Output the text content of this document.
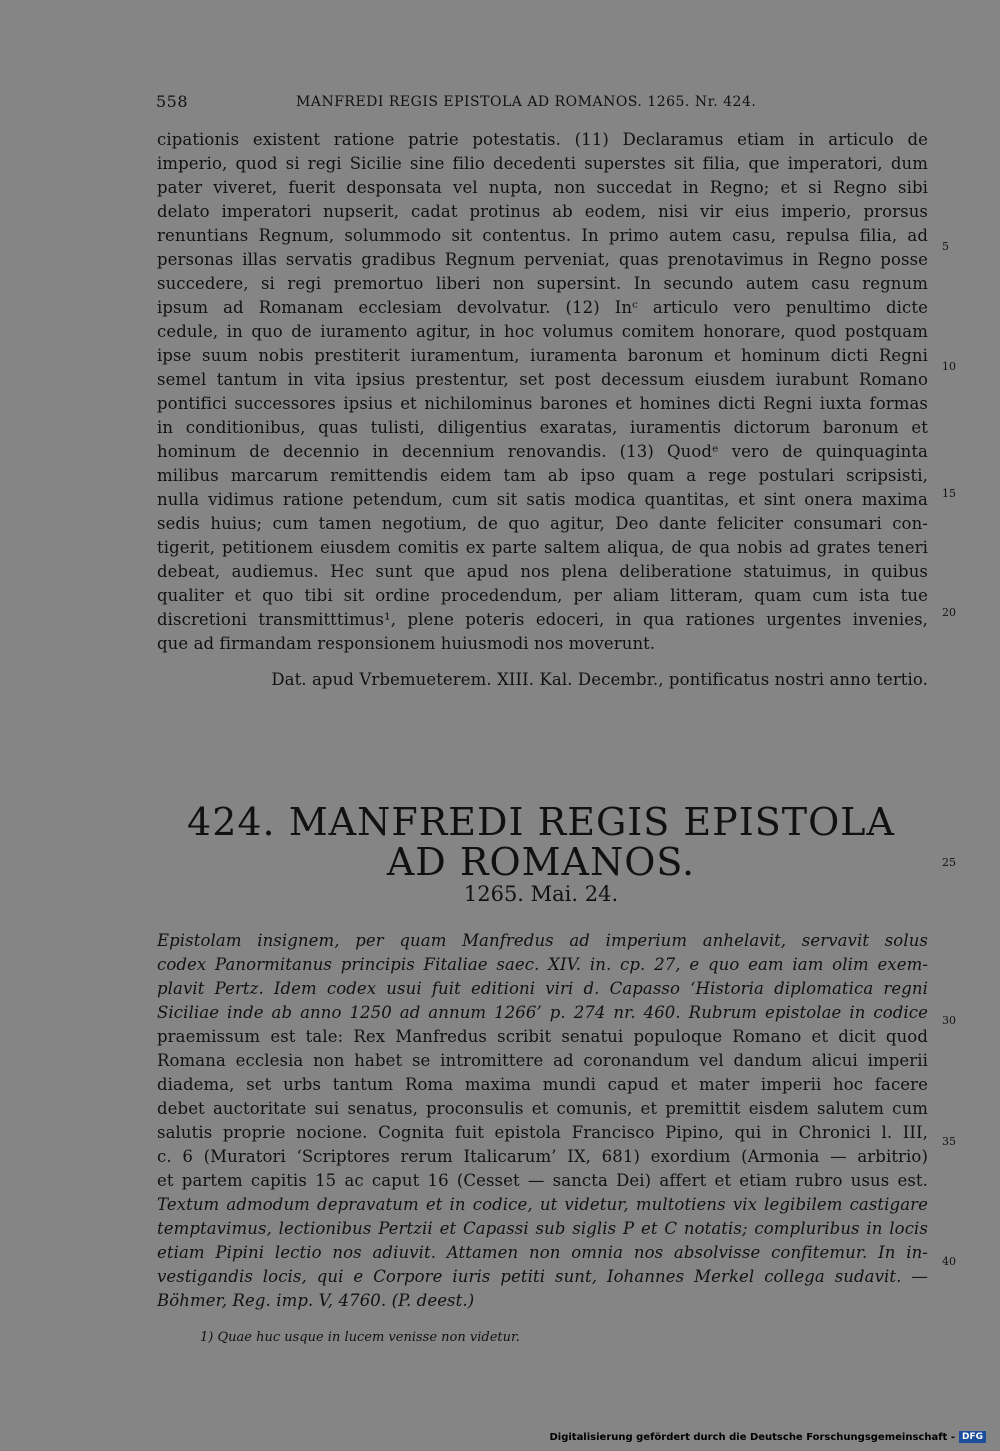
558	MANFREDI REGIS EPISTOLA AD ROMANOS. 1265. Nr. 424.
cipationis existent ratione patrie potestatis. (11) Declaramus etiam in articulo de
imperio, quod si regi Sicilie sine filio decedenti superstes sit filia, que imperatori, dum
pater viveret, fuerit desponsata vel nupta, non succedat in Regno; et si Regno sibi
delato imperatori nupserit, cadat protinus ab eodem, nisi vir eius imperio, prorsus
renuntians Regnum, solummodo sit contentus. In primo autem casu, repulsa filia, ad
personas illas servatis gradibus Regnum perveniat, quas prenotavimus in Regno posse
succedere, si regi premortuo liberi non supersint. In secundo autem casu regnum
ipsum ad Romanam ecclesiam devolvatur. (12) Inᶜ articulo vero penultimo dicte
cedule, in quo de iuramento agitur, in hoc volumus comitem honorare, quod postquam
ipse suum nobis prestiterit iuramentum, iuramenta baronum et hominum dicti Regni
semel tantum in vita ipsius prestentur, set post decessum eiusdem iurabunt Romano
pontifici successores ipsius et nichilominus barones et homines dicti Regni iuxta formas
in conditionibus, quas tulisti, diligentius exaratas, iuramentis dictorum baronum et
hominum de decennio in decennium renovandis. (13) Quodᵉ vero de quinquaginta
milibus marcarum remittendis eidem tam ab ipso quam a rege postulari scripsisti,
nulla vidimus ratione petendum, cum sit satis modica quantitas, et sint onera maxima
sedis huius; cum tamen negotium, de quo agitur, Deo dante feliciter consumari con-
tigerit, petitionem eiusdem comitis ex parte saltem aliqua, de qua nobis ad grates teneri
debeat, audiemus. Hec sunt que apud nos plena deliberatione statuimus, in quibus
qualiter et quo tibi sit ordine procedendum, per aliam litteram, quam cum ista tue
discretioni transmitttimus¹, plene poteris edoceri, in qua rationes urgentes invenies,
que ad firmandam responsionem huiusmodi nos moverunt.
Dat. apud Vrbemueterem. XIII. Kal. Decembr., pontificatus nostri anno tertio.
424. MANFREDI REGIS EPISTOLA
AD ROMANOS.
1265. Mai. 24.
Epistolam insignem, per quam Manfredus ad imperium anhelavit, servavit solus
codex Panormitanus principis Fitaliae saec. XIV. in. cp. 27, e quo eam iam olim exem-
plavit Pertz. Idem codex usui fuit editioni viri d. Capasso ‘Historia diplomatica regni
Siciliae inde ab anno 1250 ad annum 1266’ p. 274 nr. 460. Rubrum epistolae in codice
praemissum est tale: Rex Manfredus scribit senatui populoque Romano et dicit quod
Romana ecclesia non habet se intromittere ad coronandum vel dandum alicui imperii
diadema, set urbs tantum Roma maxima mundi capud et mater imperii hoc facere
debet auctoritate sui senatus, proconsulis et comunis, et premittit eisdem salutem cum
salutis proprie nocione. Cognita fuit epistola Francisco Pipino, qui in Chronici l. III,
c. 6 (Muratori ‘Scriptores rerum Italicarum’ IX, 681) exordium (Armonia — arbitrio)
et partem capitis 15 ac caput 16 (Cesset — sancta Dei) affert et etiam rubro usus est.
Textum admodum depravatum et in codice, ut videtur, multotiens vix legibilem castigare
temptavimus, lectionibus Pertzii et Capassi sub siglis P et C notatis; compluribus in locis
etiam Pipini lectio nos adiuvit. Attamen non omnia nos absolvisse confitemur. In in-
vestigandis locis, qui e Corpore iuris petiti sunt, Iohannes Merkel collega sudavit. —
Böhmer, Reg. imp. V, 4760. (P. deest.)
1) Quae huc usque in lucem venisse non videtur.
5
10
15
20
25
30
35
40
Digitalisierung gefördert durch die Deutsche Forschungsgemeinschaft - DFG
